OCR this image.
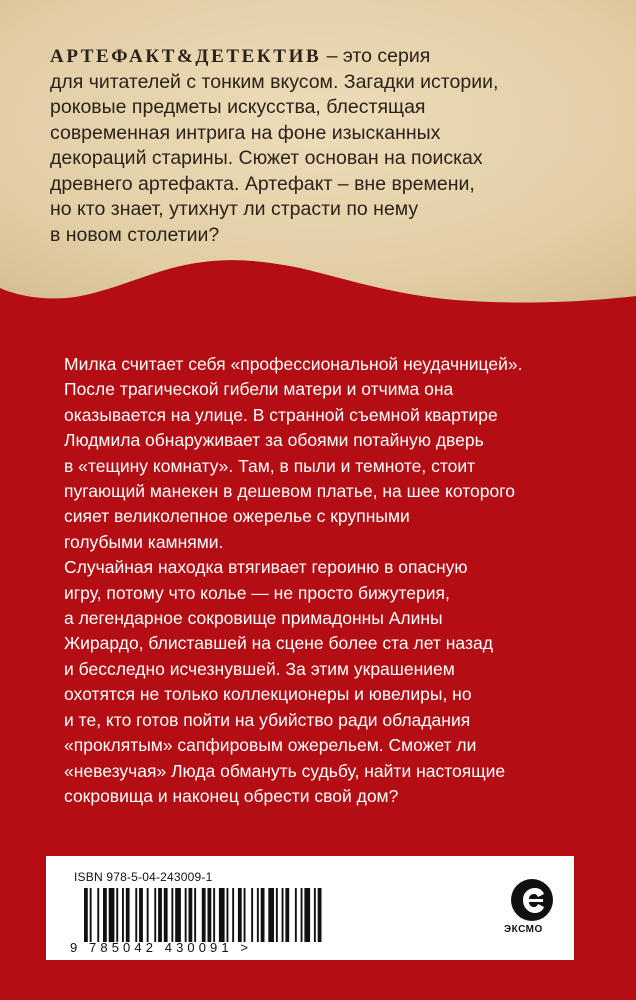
АРТЕФАКТ&ДЕТЕКТИВ – это серия
для читателей с тонким вкусом. Загадки истории,
роковые предметы искусства, блестящая
современная интрига на фоне изысканных
декораций старины. Сюжет основан на поисках
древнего артефакта. Артефакт – вне времени,
но кто знает, утихнут ли страсти по нему
в новом столетии?

Милка считает себя «профессиональной неудачницей».
После трагической гибели матери и отчима она
оказывается на улице. В странной съемной квартире
Людмила обнаруживает за обоями потайную дверь
в «тещину комнату». Там, в пыли и темноте, стоит
пугающий манекен в дешевом платье, на шее которого
сияет великолепное ожерелье с крупными
голубыми камнями.

Случайная находка втягивает героиню в опасную
игру, потому что колье — не просто бижутерия,
а легендарное сокровище примадонны Алины
Жирардо, блиставшей на сцене более ста лет назад
и бесследно исчезнувшей. За этим украшением
охотятся не только коллекционеры и ювелиры, но
и те, кто готов пойти на убийство ради обладания
«проклятым» сапфировым ожерельем. Сможет ли
«невезучая» Люда обмануть судьбу, найти настоящие
сокровища и наконец обрести свой дом?

ISBN 978-5-04-243009-1
9 785042 430091 >
ЭКСМО
